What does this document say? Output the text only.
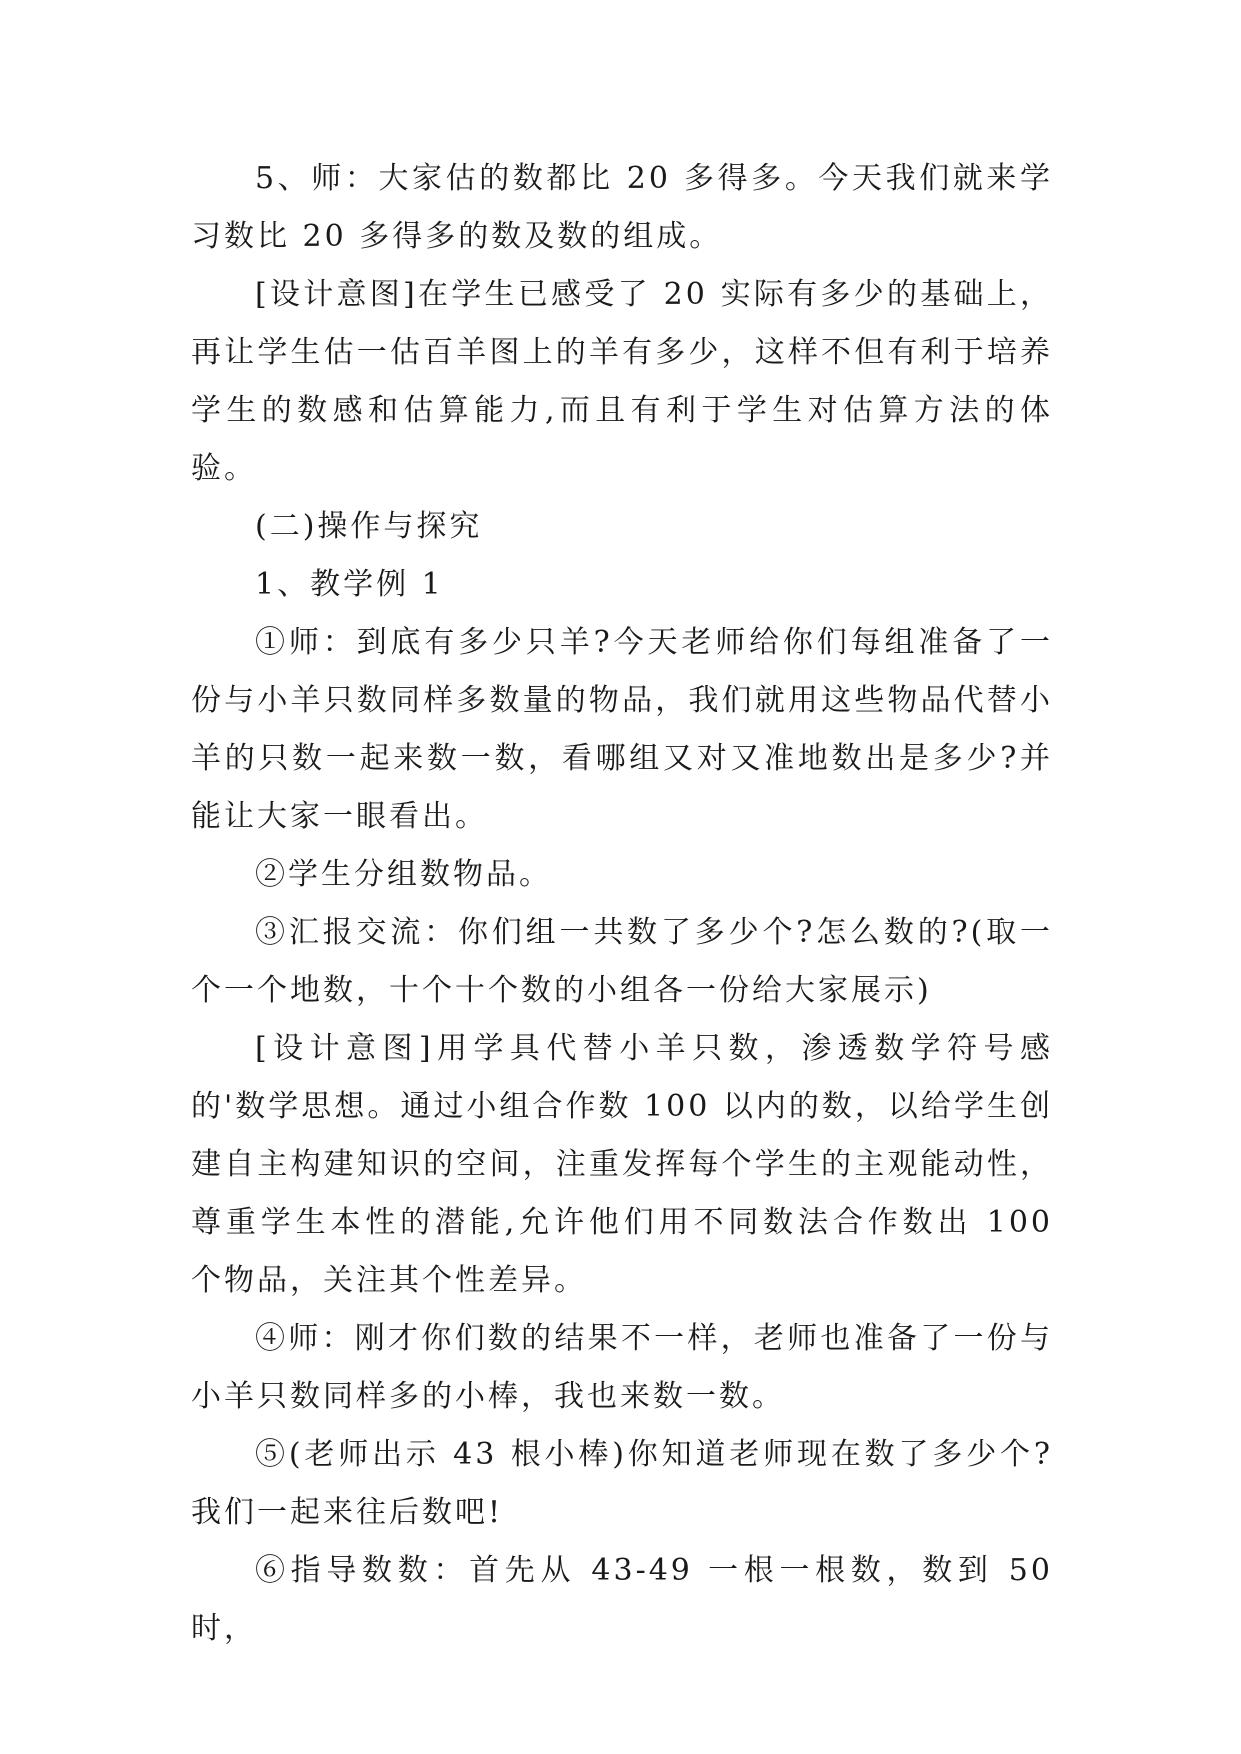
5、师：大家估的数都比 20 多得多。今天我们就来学习数比 20 多得多的数及数的组成。

[设计意图]在学生已感受了 20 实际有多少的基础上，再让学生估一估百羊图上的羊有多少，这样不但有利于培养学生的数感和估算能力,而且有利于学生对估算方法的体验。

(二)操作与探究

1、教学例 1

①师：到底有多少只羊?今天老师给你们每组准备了一份与小羊只数同样多数量的物品，我们就用这些物品代替小羊的只数一起来数一数，看哪组又对又准地数出是多少?并能让大家一眼看出。

②学生分组数物品。

③汇报交流：你们组一共数了多少个?怎么数的?(取一个一个地数，十个十个数的小组各一份给大家展示)

[设计意图]用学具代替小羊只数，渗透数学符号感的'数学思想。通过小组合作数 100 以内的数，以给学生创建自主构建知识的空间，注重发挥每个学生的主观能动性，尊重学生本性的潜能,允许他们用不同数法合作数出 100 个物品，关注其个性差异。

④师：刚才你们数的结果不一样，老师也准备了一份与小羊只数同样多的小棒，我也来数一数。

⑤(老师出示 43 根小棒)你知道老师现在数了多少个?我们一起来往后数吧!

⑥指导数数：首先从 43-49 一根一根数，数到 50 时，
